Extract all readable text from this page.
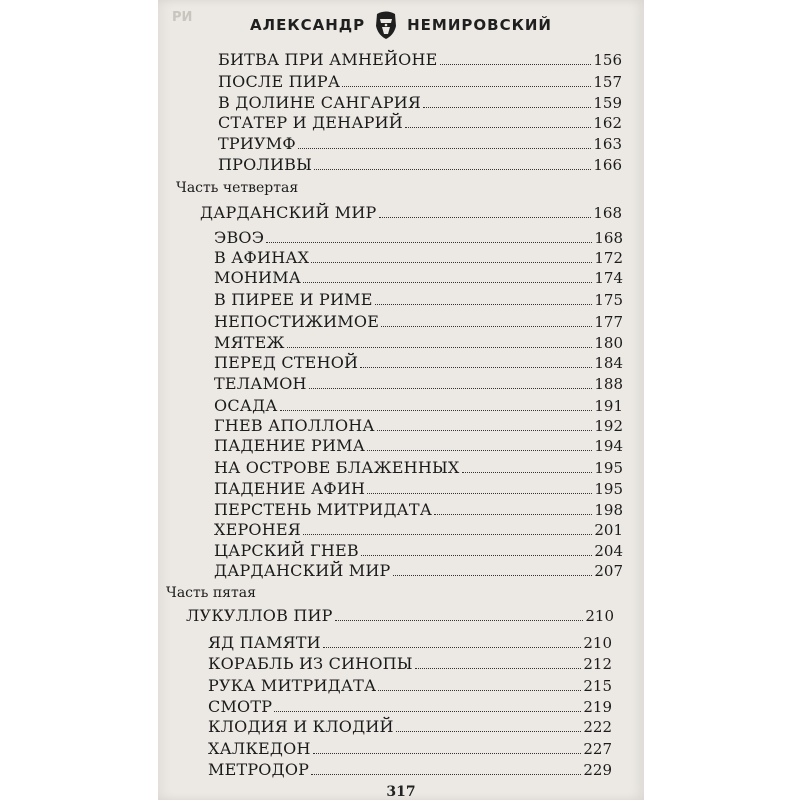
РИ	АЛЕКСАНДР	НЕМИРОВСКИЙ
БИТВА ПРИ АМНЕЙОНЕ	156
ПОСЛЕ ПИРА	157
В ДОЛИНЕ САНГАРИЯ	159
СТАТЕР И ДЕНАРИЙ	162
ТРИУМФ	163
ПРОЛИВЫ	166
Часть четвертая
ДАРДАНСКИЙ МИР	168
ЭВОЭ	168
В АФИНАХ	172
МОНИМА	174
В ПИРЕЕ И РИМЕ	175
НЕПОСТИЖИМОЕ	177
МЯТЕЖ	180
ПЕРЕД СТЕНОЙ	184
ТЕЛАМОН	188
ОСАДА	191
ГНЕВ АПОЛЛОНА	192
ПАДЕНИЕ РИМА	194
НА ОСТРОВЕ БЛАЖЕННЫХ	195
ПАДЕНИЕ АФИН	195
ПЕРСТЕНЬ МИТРИДАТА	198
ХЕРОНЕЯ	201
ЦАРСКИЙ ГНЕВ	204
ДАРДАНСКИЙ МИР	207
Часть пятая
ЛУКУЛЛОВ ПИР	210
ЯД ПАМЯТИ	210
КОРАБЛЬ ИЗ СИНОПЫ	212
РУКА МИТРИДАТА	215
СМОТР	219
КЛОДИЯ И КЛОДИЙ	222
ХАЛКЕДОН	227
МЕТРОДОР	229
317
